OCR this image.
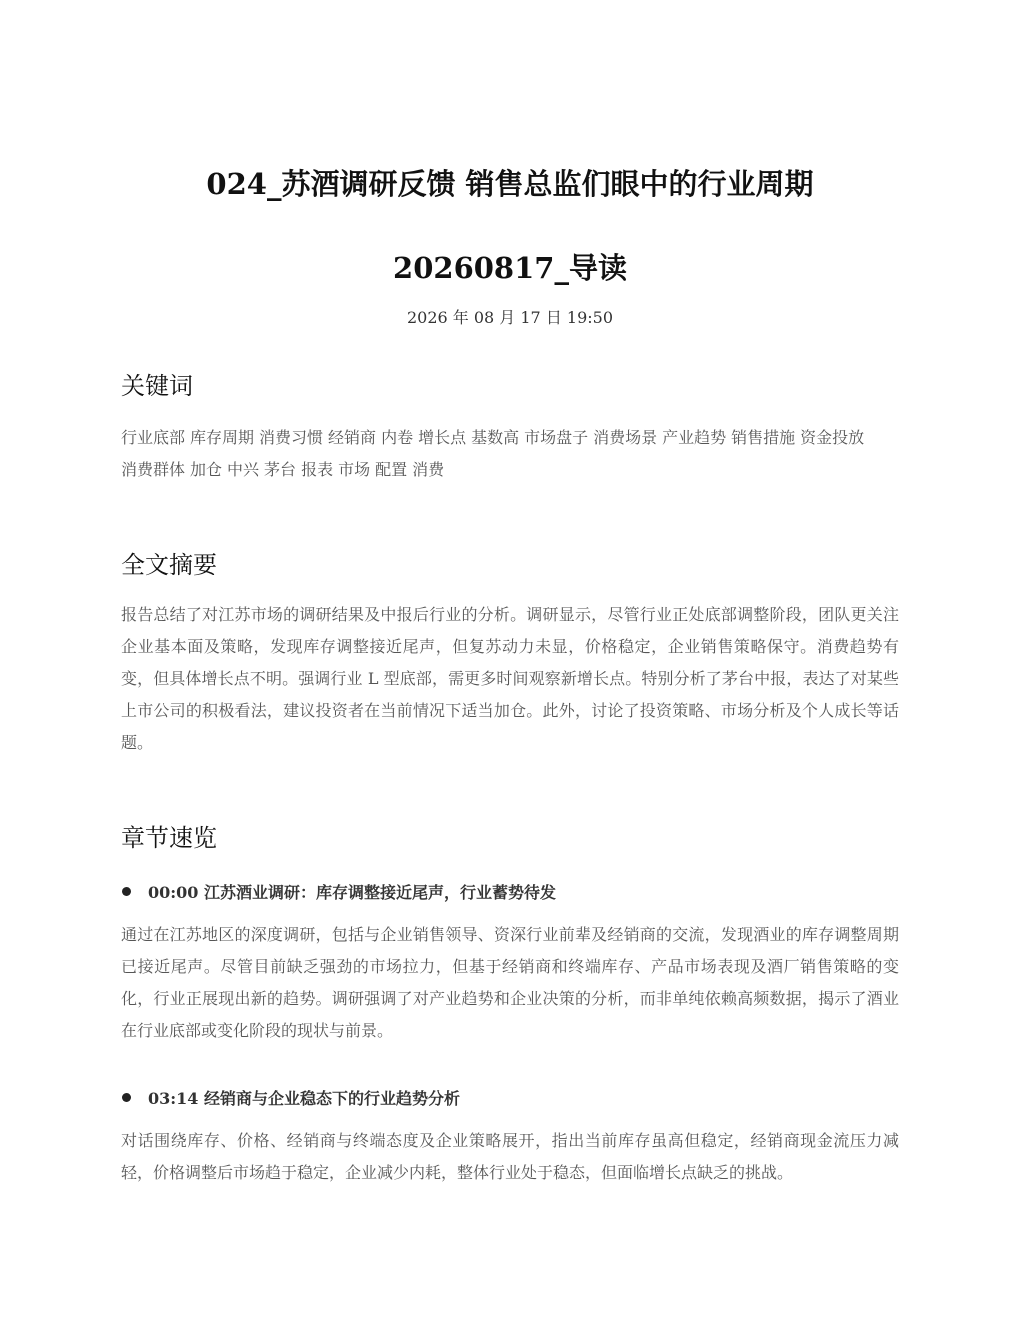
024_苏酒调研反馈 销售总监们眼中的行业周期 20260817_导读
2026 年 08 月 17 日 19:50
关键词
行业底部 库存周期 消费习惯 经销商 内卷 增长点 基数高 市场盘子 消费场景 产业趋势 销售措施 资金投放
消费群体 加仓 中兴 茅台 报表 市场 配置 消费
全文摘要

报告总结了对江苏市场的调研结果及中报后行业的分析。调研显示，尽管行业正处底部调整阶段，团队更关注企业基本面及策略，发现库存调整接近尾声，但复苏动力未显，价格稳定，企业销售策略保守。消费趋势有变，但具体增长点不明。强调行业 L 型底部，需更多时间观察新增长点。特别分析了茅台中报，表达了对某些上市公司的积极看法，建议投资者在当前情况下适当加仓。此外，讨论了投资策略、市场分析及个人成长等话题。

章节速览
00:00 江苏酒业调研：库存调整接近尾声，行业蓄势待发

通过在江苏地区的深度调研，包括与企业销售领导、资深行业前辈及经销商的交流，发现酒业的库存调整周期已接近尾声。尽管目前缺乏强劲的市场拉力，但基于经销商和终端库存、产品市场表现及酒厂销售策略的变化，行业正展现出新的趋势。调研强调了对产业趋势和企业决策的分析，而非单纯依赖高频数据，揭示了酒业在行业底部或变化阶段的现状与前景。

03:14 经销商与企业稳态下的行业趋势分析

对话围绕库存、价格、经销商与终端态度及企业策略展开，指出当前库存虽高但稳定，经销商现金流压力减轻，价格调整后市场趋于稳定，企业减少内耗，整体行业处于稳态，但面临增长点缺乏的挑战。
